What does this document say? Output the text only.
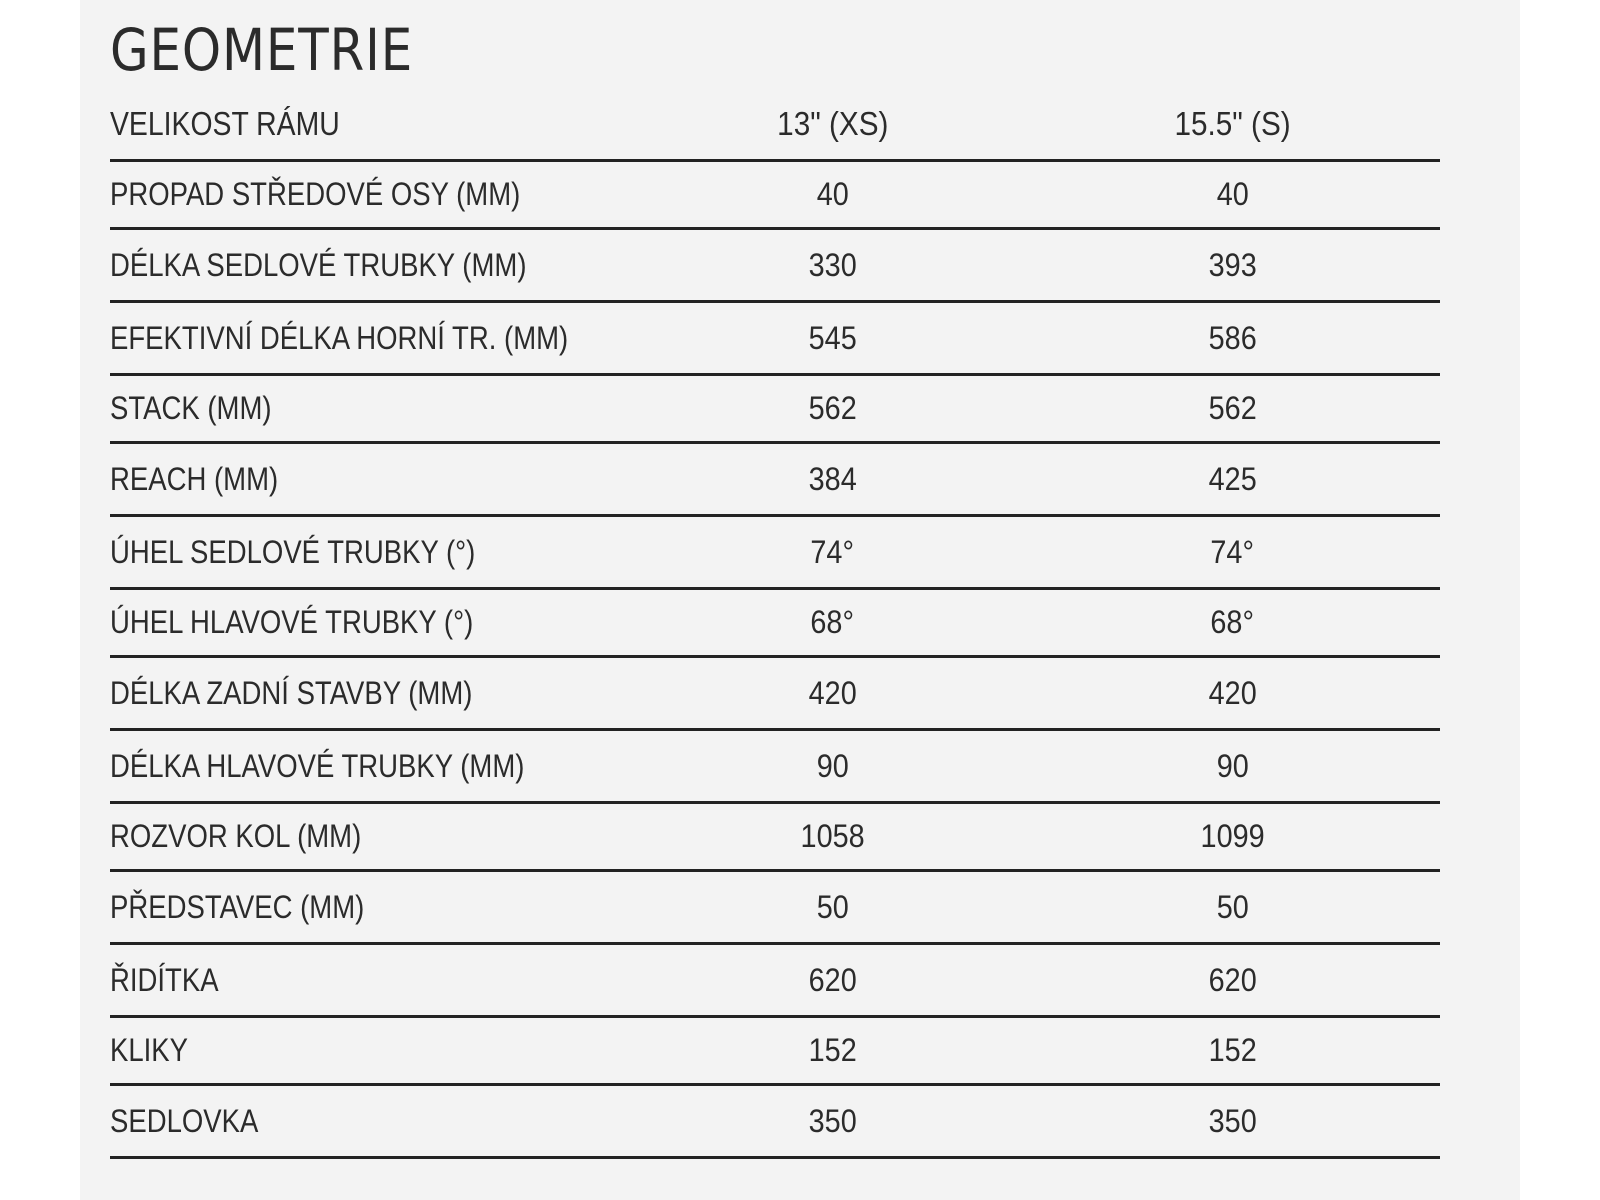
GEOMETRIE
VELIKOST RÁMU	13" (XS)	15.5" (S)
PROPAD STŘEDOVÉ OSY (MM)	40	40
DÉLKA SEDLOVÉ TRUBKY (MM)	330	393
EFEKTIVNÍ DÉLKA HORNÍ TR. (MM)	545	586
STACK (MM)	562	562
REACH (MM)	384	425
ÚHEL SEDLOVÉ TRUBKY (°)	74°	74°
ÚHEL HLAVOVÉ TRUBKY (°)	68°	68°
DÉLKA ZADNÍ STAVBY (MM)	420	420
DÉLKA HLAVOVÉ TRUBKY (MM)	90	90
ROZVOR KOL (MM)	1058	1099
PŘEDSTAVEC (MM)	50	50
ŘIDÍTKA	620	620
KLIKY	152	152
SEDLOVKA	350	350
